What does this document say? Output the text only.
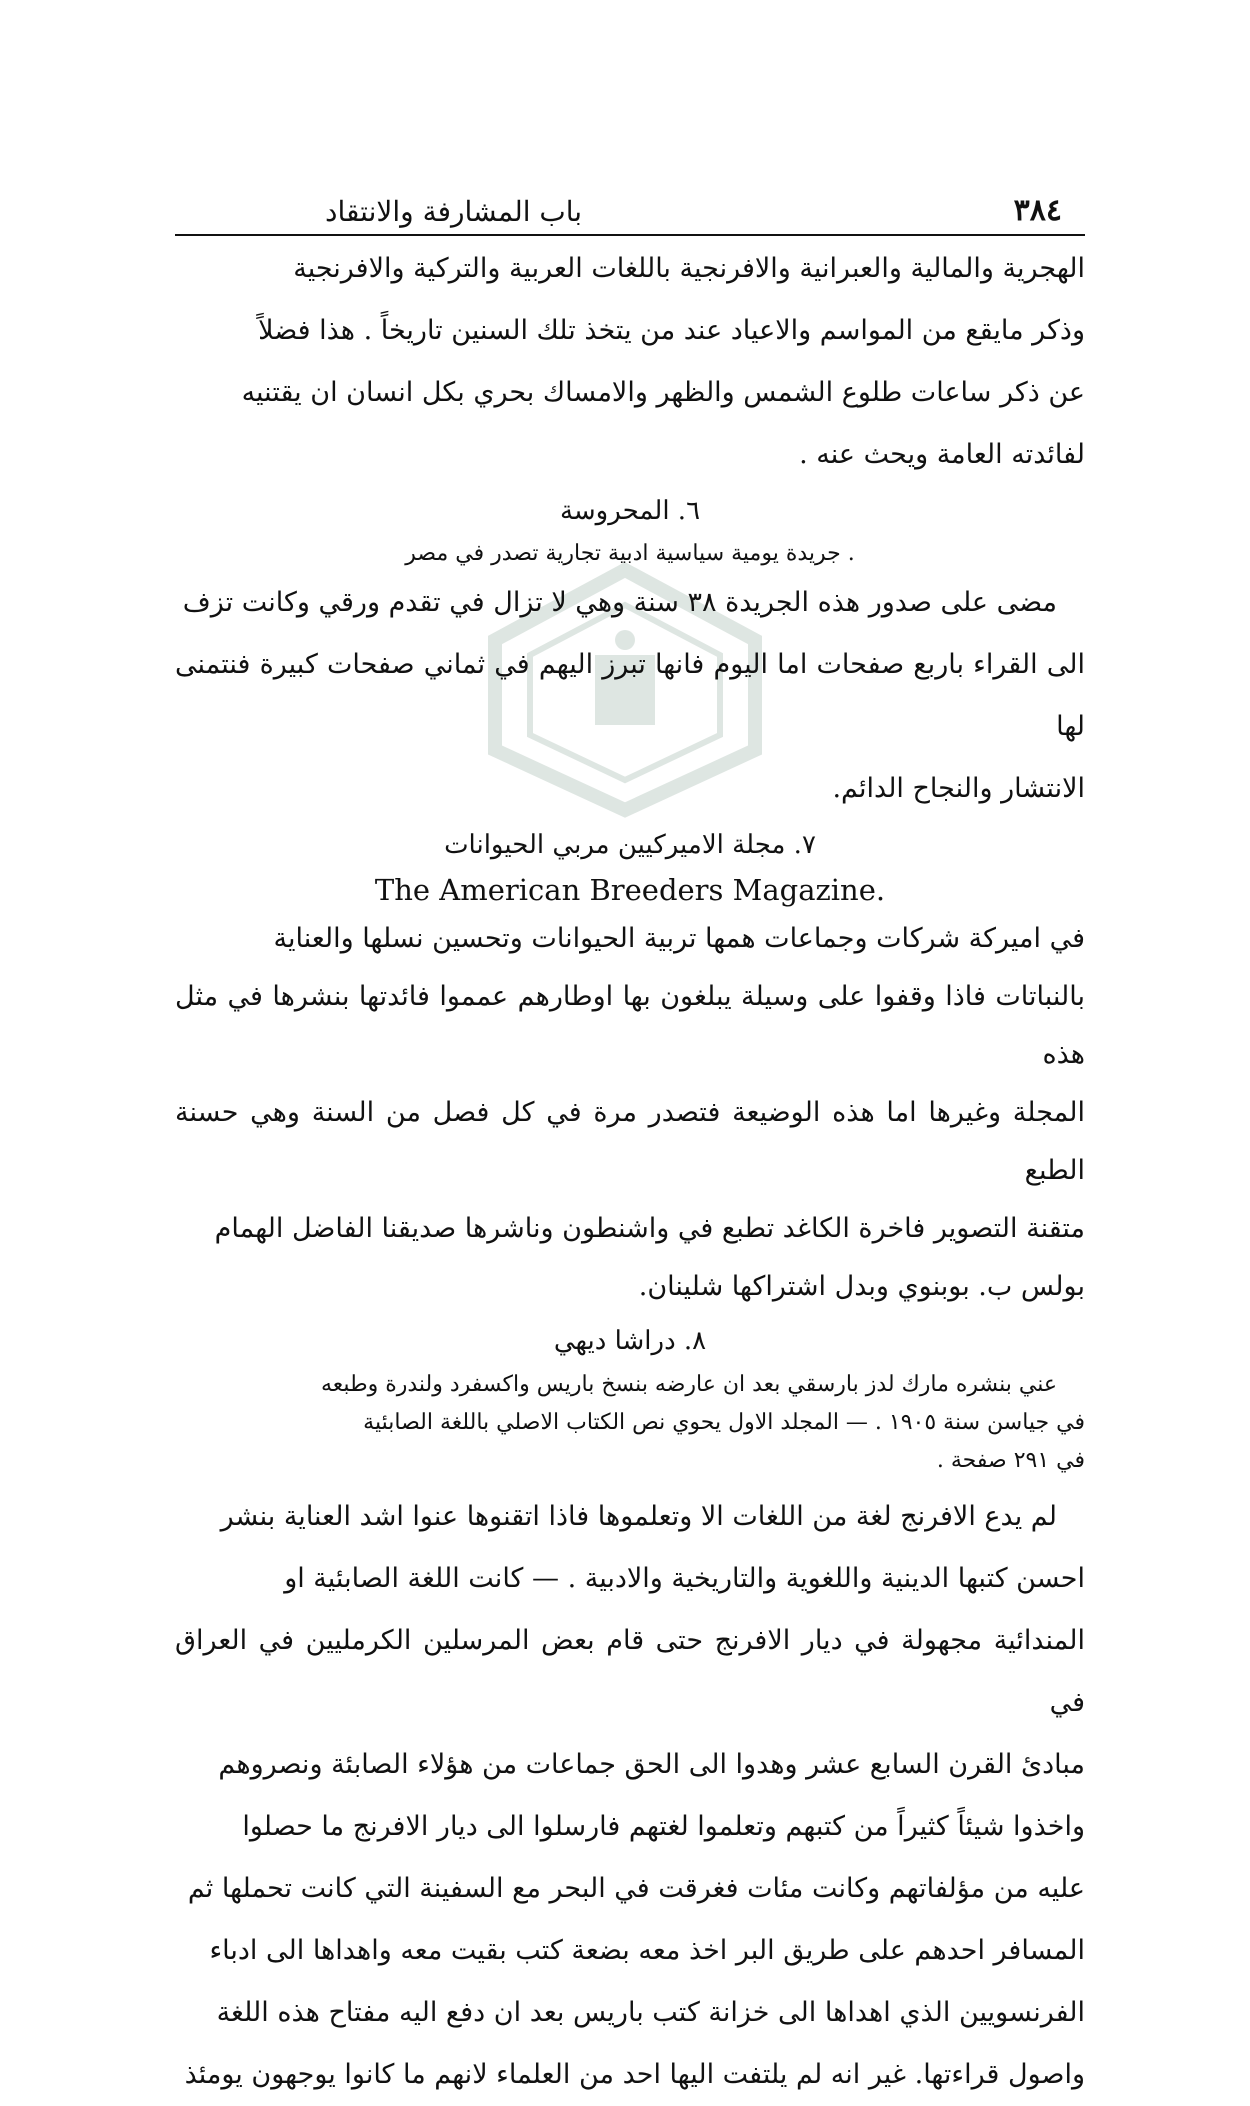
٣٨٤
باب المشارفة والانتقاد

الهجرية والمالية والعبرانية والافرنجية باللغات العربية والتركية والافرنجية

وذكر مايقع من المواسم والاعياد عند من يتخذ تلك السنين تاريخاً . هذا فضلاً

عن ذكر ساعات طلوع الشمس والظهر والامساك بحري بكل انسان ان يقتنيه

لفائدته العامة ويحث عنه .

٦. المحروسة

. جريدة يومية سياسية ادبية تجارية تصدر في مصر

مضى على صدور هذه الجريدة ٣٨ سنة وهي لا تزال في تقدم ورقي وكانت تزف

الى القراء باربع صفحات اما اليوم فانها تبرز اليهم في ثماني صفحات كبيرة فنتمنى لها

الانتشار والنجاح الدائم.

٧. مجلة الاميركيين مربي الحيوانات

The American Breeders Magazine.

في اميركة شركات وجماعات همها تربية الحيوانات وتحسين نسلها والعناية

بالنباتات فاذا وقفوا على وسيلة يبلغون بها اوطارهم عمموا فائدتها بنشرها في مثل هذه

المجلة وغيرها اما هذه الوضيعة فتصدر مرة في كل فصل من السنة وهي حسنة الطبع

متقنة التصوير فاخرة الكاغد تطبع في واشنطون وناشرها صديقنا الفاضل الهمام

بولس ب. بوبنوي وبدل اشتراكها شلينان.

٨. دراشا ديهي

عني بنشره مارك لدز بارسقي بعد ان عارضه بنسخ باريس واكسفرد ولندرة وطبعه

في جياسن سنة ١٩٠٥ . — المجلد الاول يحوي نص الكتاب الاصلي باللغة الصابئية

في ٢٩١ صفحة .

لم يدع الافرنج لغة من اللغات الا وتعلموها فاذا اتقنوها عنوا اشد العناية بنشر

احسن كتبها الدينية واللغوية والتاريخية والادبية . — كانت اللغة الصابئية او

المندائية مجهولة في ديار الافرنج حتى قام بعض المرسلين الكرمليين في العراق في

مبادئ القرن السابع عشر وهدوا الى الحق جماعات من هؤلاء الصابئة ونصروهم

واخذوا شيئاً كثيراً من كتبهم وتعلموا لغتهم فارسلوا الى ديار الافرنج ما حصلوا

عليه من مؤلفاتهم وكانت مئات فغرقت في البحر مع السفينة التي كانت تحملها ثم

المسافر احدهم على طريق البر اخذ معه بضعة كتب بقيت معه واهداها الى ادباء

الفرنسويين الذي اهداها الى خزانة كتب باريس بعد ان دفع اليه مفتاح هذه اللغة

واصول قراءتها. غير انه لم يلتفت اليها احد من العلماء لانهم ما كانوا يوجهون يومئذ
